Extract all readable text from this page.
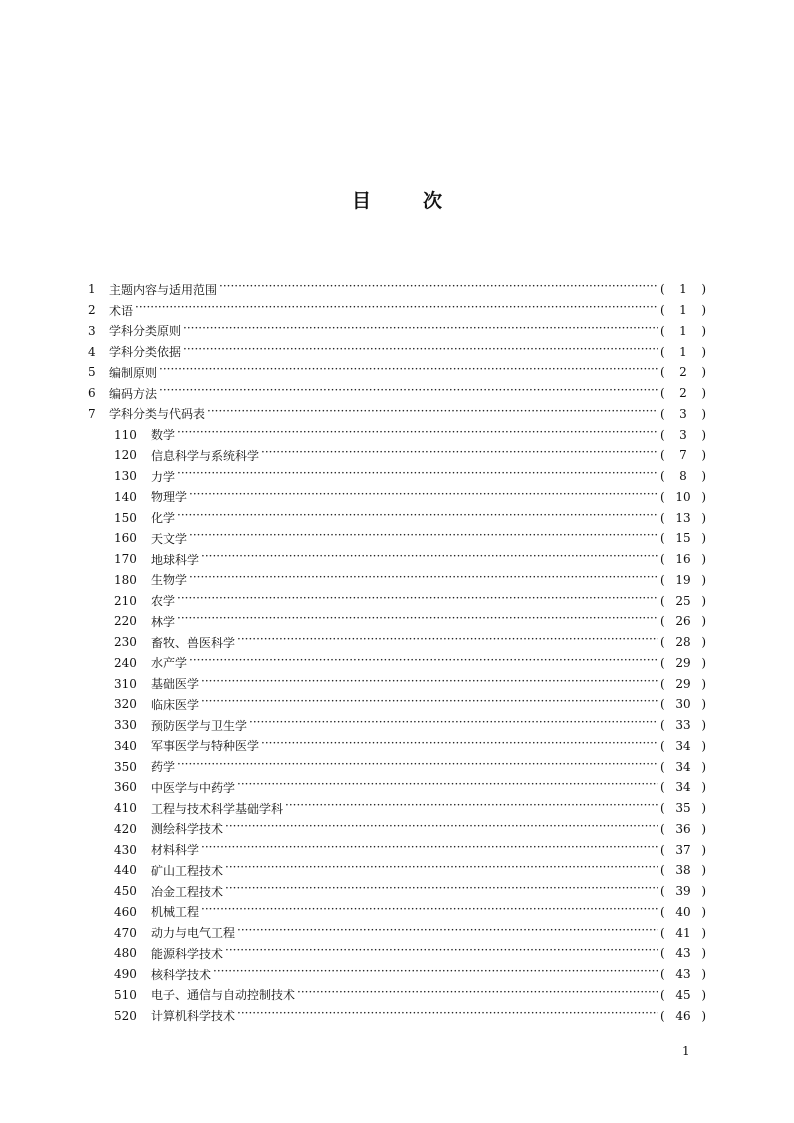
目	次
1	主题内容与适用范围 ·····	(	1	)
2	术语 ·····	(	1	)
3	学科分类原则 ·····	(	1	)
4	学科分类依据 ·····	(	1	)
5	编制原则 ·····	(	2	)
6	编码方法 ·····	(	2	)
7	学科分类与代码表 ·····	(	3	)
110	数学 ·····	(	3	)
120	信息科学与系统科学 ·····	(	7	)
130	力学 ·····	(	8	)
140	物理学 ·····	( 10 )
150	化学 ·····	( 13 )
160	天文学 ·····	( 15 )
170	地球科学 ·····	( 16 )
180	生物学 ·····	( 19 )
210	农学 ·····	( 25 )
220	林学 ·····	( 26 )
230	畜牧、兽医科学 ·····	( 28 )
240	水产学 ·····	( 29 )
310	基础医学 ·····	( 29 )
320	临床医学 ·····	( 30 )
330	预防医学与卫生学 ·····	( 33 )
340	军事医学与特种医学 ·····	( 34 )
350	药学 ·····	( 34 )
360	中医学与中药学 ·····	( 34 )
410	工程与技术科学基础学科 ·····	( 35 )
420	测绘科学技术 ·····	( 36 )
430	材料科学 ·····	( 37 )
440	矿山工程技术 ·····	( 38 )
450	冶金工程技术 ·····	( 39 )
460	机械工程 ·····	( 40 )
470	动力与电气工程 ·····	( 41 )
480	能源科学技术 ·····	( 43 )
490	核科学技术 ·····	( 43 )
510	电子、通信与自动控制技术 ·····	( 45 )
520	计算机科学技术 ·····	( 46 )
1
